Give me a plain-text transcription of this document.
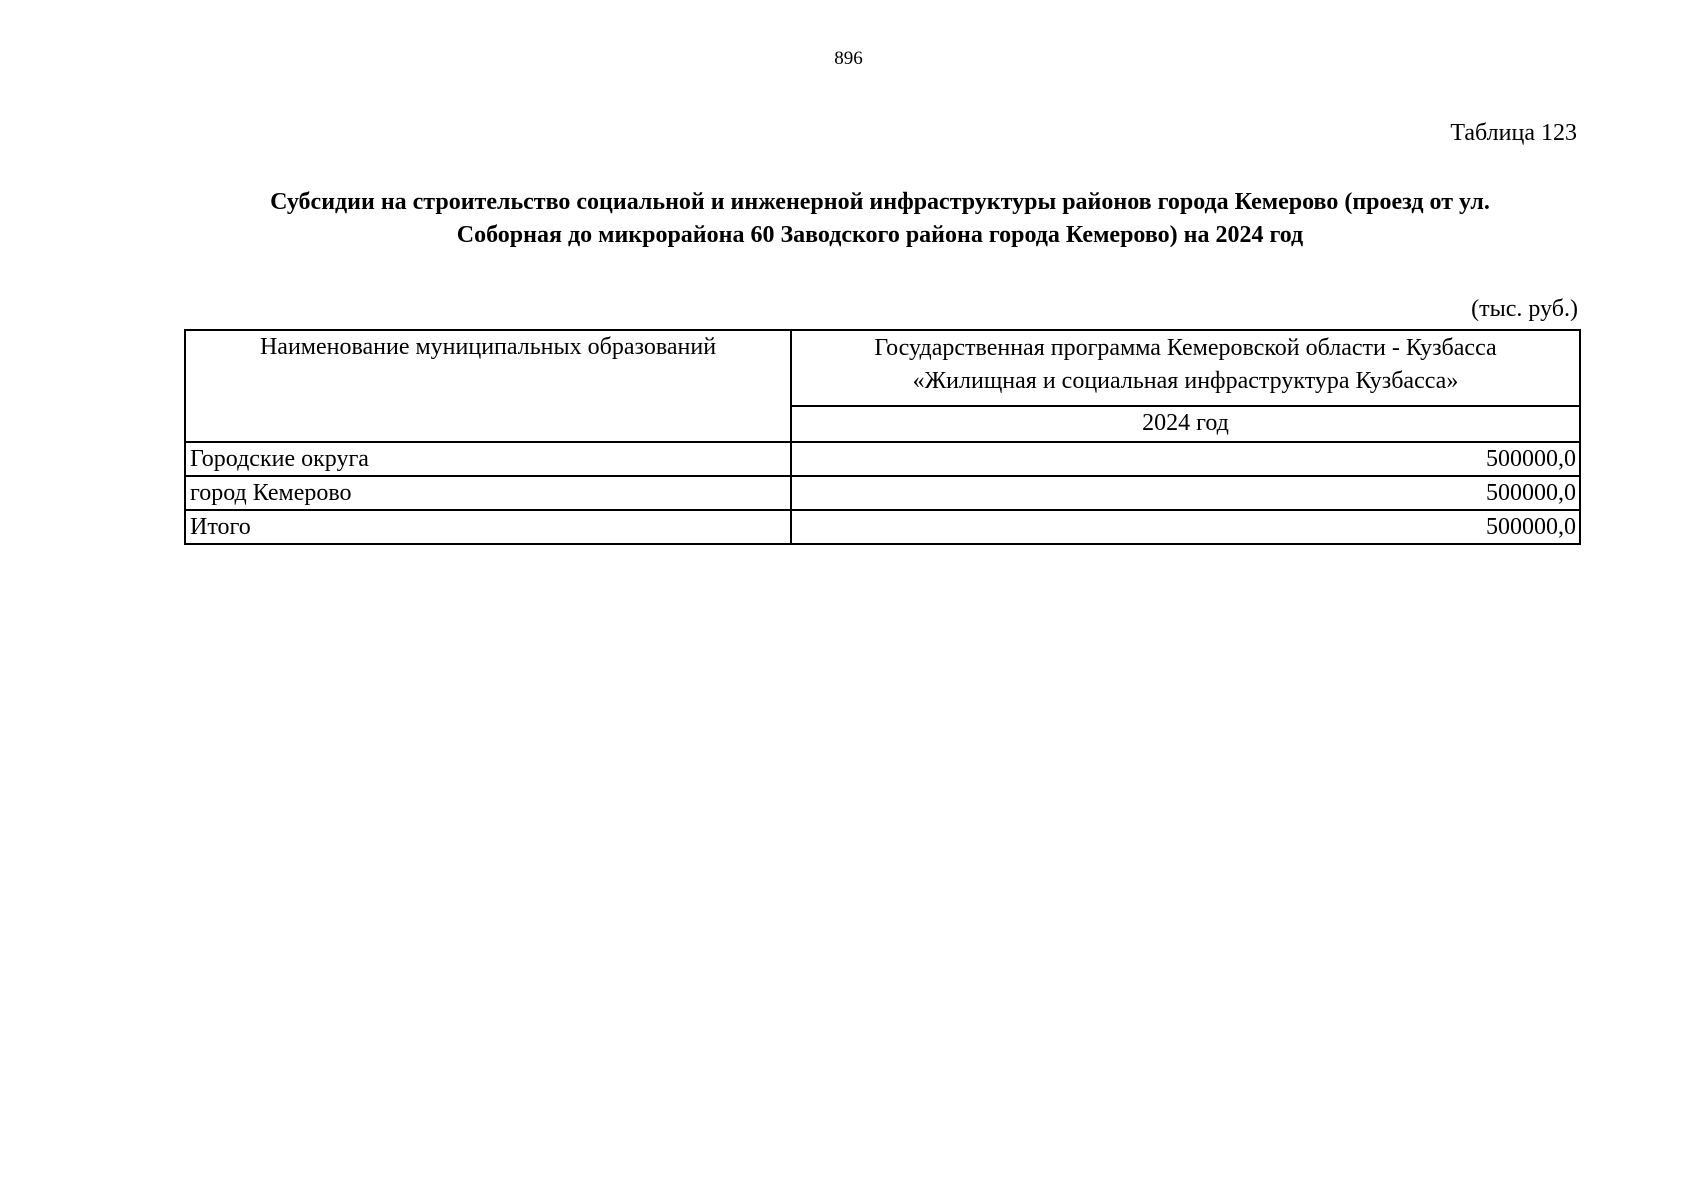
896
Таблица 123
Субсидии на строительство социальной и инженерной инфраструктуры районов города Кемерово (проезд от ул.
Соборная до микрорайона 60 Заводского района города Кемерово) на 2024 год
(тыс. руб.)
Наименование муниципальных образований	Государственная программа Кемеровской области - Кузбасса
«Жилищная и социальная инфраструктура Кузбасса»

	2024 год
Городские округа	500000,0
город Кемерово	500000,0
Итого	500000,0
